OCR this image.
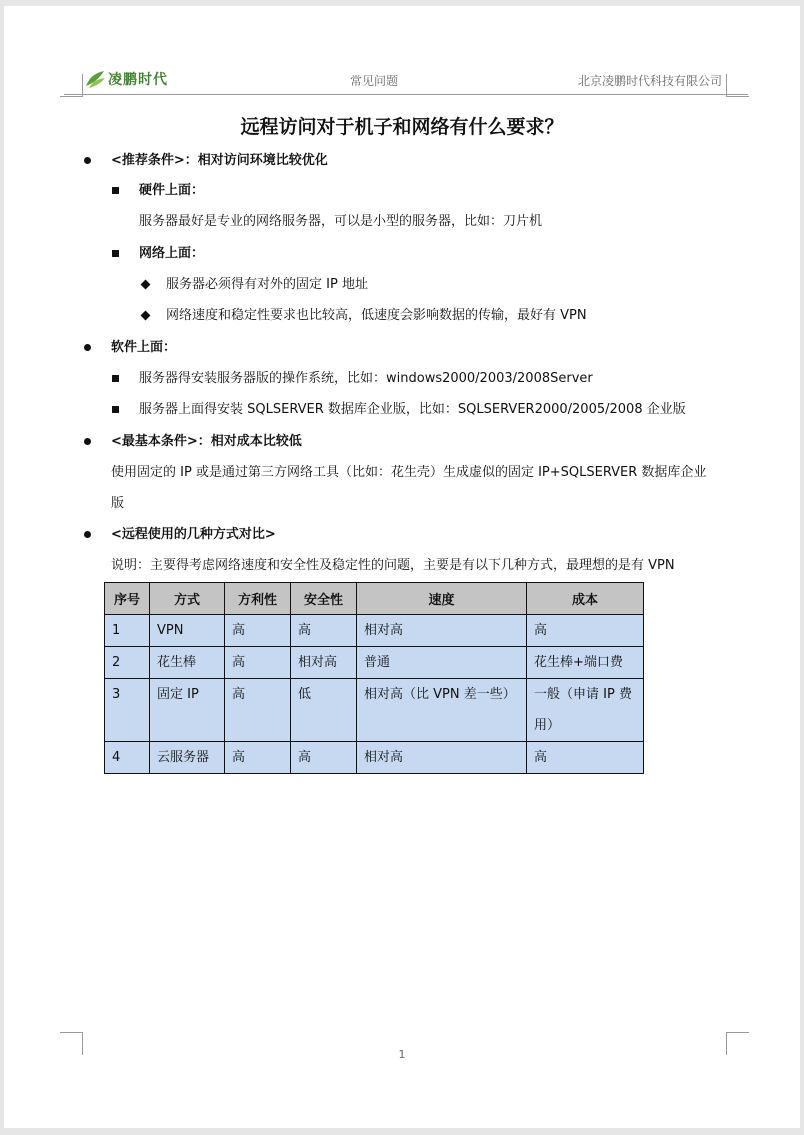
凌鹏时代	常见问题	北京凌鹏时代科技有限公司
远程访问对于机子和网络有什么要求？
<推荐条件>：相对访问环境比较优化
硬件上面：
服务器最好是专业的网络服务器，可以是小型的服务器，比如：刀片机
网络上面：
服务器必须得有对外的固定 IP 地址
网络速度和稳定性要求也比较高，低速度会影响数据的传输，最好有 VPN
软件上面：
服务器得安装服务器版的操作系统，比如：windows2000/2003/2008Server
服务器上面得安装 SQLSERVER 数据库企业版，比如：SQLSERVER2000/2005/2008 企业版
<最基本条件>：相对成本比较低
使用固定的 IP 或是通过第三方网络工具（比如：花生壳）生成虚似的固定 IP+SQLSERVER 数据库企业
版
<远程使用的几种方式对比>
说明：主要得考虑网络速度和安全性及稳定性的问题，主要是有以下几种方式，最理想的是有 VPN
序号	方式	方利性	安全性	速度	成本
1	VPN	高	高	相对高	高
2	花生棒	高	相对高	普通	花生棒+端口费
3	固定 IP	高	低	相对高（比 VPN 差一些）	一般（申请 IP 费
用）

4	云服务器	高	高	相对高	高
1
